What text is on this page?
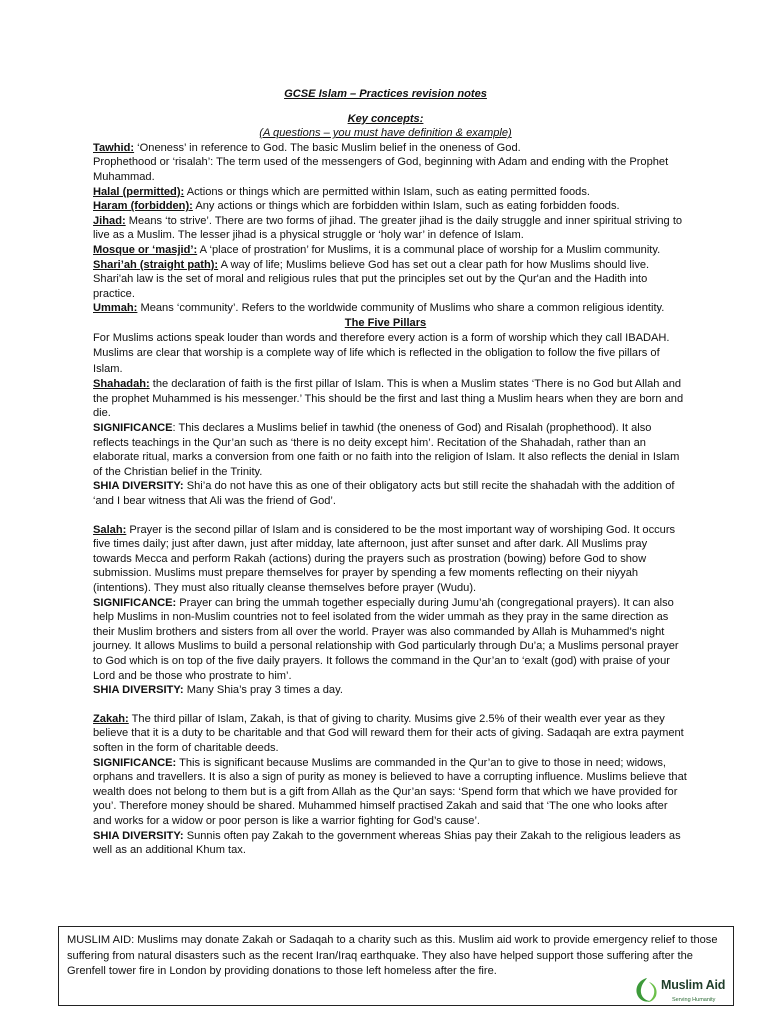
GCSE Islam – Practices revision notes

Key concepts:
(A questions – you must have definition & example)

Tawhid: ‘Oneness’ in reference to God. The basic Muslim belief in the oneness of God.

Prophethood or ‘risalah’: The term used of the messengers of God, beginning with Adam and ending with the Prophet Muhammad.

Halal (permitted): Actions or things which are permitted within Islam, such as eating permitted foods.

Haram (forbidden): Any actions or things which are forbidden within Islam, such as eating forbidden foods.

Jihad: Means ‘to strive’. There are two forms of jihad. The greater jihad is the daily struggle and inner spiritual striving to live as a Muslim. The lesser jihad is a physical struggle or ‘holy war’ in defence of Islam.

Mosque or ‘masjid’: A ‘place of prostration’ for Muslims, it is a communal place of worship for a Muslim community.

Shari’ah (straight path): A way of life; Muslims believe God has set out a clear path for how Muslims should live. Shari'ah law is the set of moral and religious rules that put the principles set out by the Qur'an and the Hadith into practice.

Ummah: Means ‘community’. Refers to the worldwide community of Muslims who share a common religious identity.

The Five Pillars

For Muslims actions speak louder than words and therefore every action is a form of worship which they call IBADAH. Muslims are clear that worship is a complete way of life which is reflected in the obligation to follow the five pillars of Islam.

Shahadah: the declaration of faith is the first pillar of Islam. This is when a Muslim states ‘There is no God but Allah and the prophet Muhammed is his messenger.’ This should be the first and last thing a Muslim hears when they are born and die.

SIGNIFICANCE: This declares a Muslims belief in tawhid (the oneness of God) and Risalah (prophethood). It also reflects teachings in the Qur’an such as ‘there is no deity except him’. Recitation of the Shahadah, rather than an elaborate ritual, marks a conversion from one faith or no faith into the religion of Islam. It also reflects the denial in Islam of the Christian belief in the Trinity.

SHIA DIVERSITY: Shi’a do not have this as one of their obligatory acts but still recite the shahadah with the addition of ‘and I bear witness that Ali was the friend of God’.

Salah: Prayer is the second pillar of Islam and is considered to be the most important way of worshiping God. It occurs five times daily; just after dawn, just after midday, late afternoon, just after sunset and after dark. All Muslims pray towards Mecca and perform Rakah (actions) during the prayers such as prostration (bowing) before God to show submission. Muslims must prepare themselves for prayer by spending a few moments reflecting on their niyyah (intentions). They must also ritually cleanse themselves before prayer (Wudu).

SIGNIFICANCE: Prayer can bring the ummah together especially during Jumu’ah (congregational prayers). It can also help Muslims in non-Muslim countries not to feel isolated from the wider ummah as they pray in the same direction as their Muslim brothers and sisters from all over the world. Prayer was also commanded by Allah is Muhammed’s night journey. It allows Muslims to build a personal relationship with God particularly through Du’a; a Muslims personal prayer to God which is on top of the five daily prayers. It follows the command in the Qur’an to ‘exalt (god) with praise of your Lord and be those who prostrate to him’.

SHIA DIVERSITY: Many Shia’s pray 3 times a day.

Zakah: The third pillar of Islam, Zakah, is that of giving to charity. Musims give 2.5% of their wealth ever year as they believe that it is a duty to be charitable and that God will reward them for their acts of giving. Sadaqah are extra payment soften in the form of charitable deeds.

SIGNIFICANCE: This is significant because Muslims are commanded in the Qur’an to give to those in need; widows, orphans and travellers. It is also a sign of purity as money is believed to have a corrupting influence. Muslims believe that wealth does not belong to them but is a gift from Allah as the Qur’an says: ‘Spend form that which we have provided for you’. Therefore money should be shared. Muhammed himself practised Zakah and said that ‘The one who looks after and works for a widow or poor person is like a warrior fighting for God’s cause’.

SHIA DIVERSITY: Sunnis often pay Zakah to the government whereas Shias pay their Zakah to the religious leaders as well as an additional Khum tax.

MUSLIM AID: Muslims may donate Zakah or Sadaqah to a charity such as this. Muslim aid work to provide emergency relief to those suffering from natural disasters such as the recent Iran/Iraq earthquake. They also have helped support those suffering after the Grenfell tower fire in London by providing donations to those left homeless after the fire.
Muslim Aid
Serving Humanity
